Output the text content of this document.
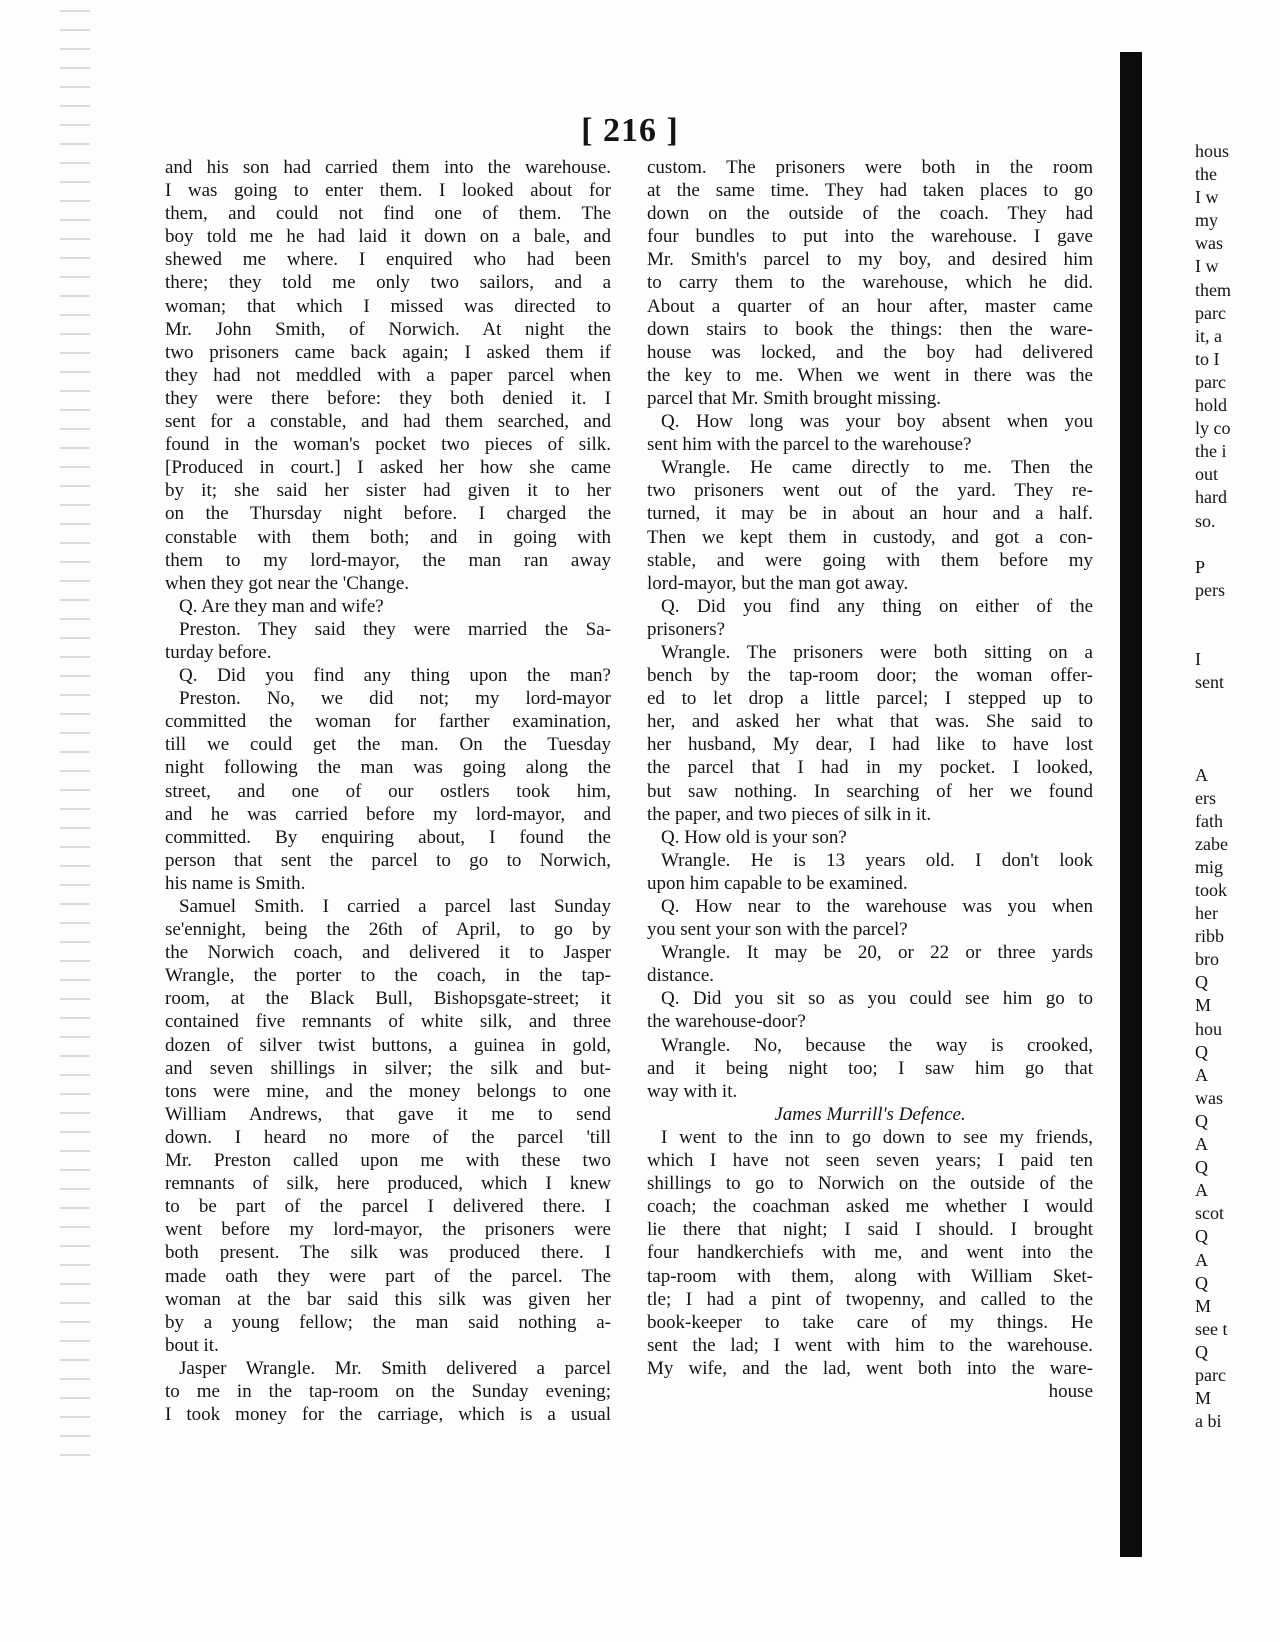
[ 216 ]
and his son had carried them into the warehouse.
I was going to enter them. I looked about for
them, and could not find one of them. The
boy told me he had laid it down on a bale, and
shewed me where. I enquired who had been
there; they told me only two sailors, and a
woman; that which I missed was directed to
Mr. John Smith, of Norwich. At night the
two prisoners came back again; I asked them if
they had not meddled with a paper parcel when
they were there before: they both denied it. I
sent for a constable, and had them searched, and
found in the woman's pocket two pieces of silk.
[Produced in court.] I asked her how she came
by it; she said her sister had given it to her
on the Thursday night before. I charged the
constable with them both; and in going with
them to my lord-mayor, the man ran away
when they got near the 'Change.
Q. Are they man and wife?
Preston. They said they were married the Sa-
turday before.
Q. Did you find any thing upon the man?
Preston. No, we did not; my lord-mayor
committed the woman for farther examination,
till we could get the man. On the Tuesday
night following the man was going along the
street, and one of our ostlers took him,
and he was carried before my lord-mayor, and
committed. By enquiring about, I found the
person that sent the parcel to go to Norwich,
his name is Smith.
Samuel Smith. I carried a parcel last Sunday
se'ennight, being the 26th of April, to go by
the Norwich coach, and delivered it to Jasper
Wrangle, the porter to the coach, in the tap-
room, at the Black Bull, Bishopsgate-street; it
contained five remnants of white silk, and three
dozen of silver twist buttons, a guinea in gold,
and seven shillings in silver; the silk and but-
tons were mine, and the money belongs to one
William Andrews, that gave it me to send
down. I heard no more of the parcel 'till
Mr. Preston called upon me with these two
remnants of silk, here produced, which I knew
to be part of the parcel I delivered there. I
went before my lord-mayor, the prisoners were
both present. The silk was produced there. I
made oath they were part of the parcel. The
woman at the bar said this silk was given her
by a young fellow; the man said nothing a-
bout it.
Jasper Wrangle. Mr. Smith delivered a parcel
to me in the tap-room on the Sunday evening;
I took money for the carriage, which is a usual
custom. The prisoners were both in the room
at the same time. They had taken places to go
down on the outside of the coach. They had
four bundles to put into the warehouse. I gave
Mr. Smith's parcel to my boy, and desired him
to carry them to the warehouse, which he did.
About a quarter of an hour after, master came
down stairs to book the things: then the ware-
house was locked, and the boy had delivered
the key to me. When we went in there was the
parcel that Mr. Smith brought missing.
Q. How long was your boy absent when you
sent him with the parcel to the warehouse?
Wrangle. He came directly to me. Then the
two prisoners went out of the yard. They re-
turned, it may be in about an hour and a half.
Then we kept them in custody, and got a con-
stable, and were going with them before my
lord-mayor, but the man got away.
Q. Did you find any thing on either of the
prisoners?
Wrangle. The prisoners were both sitting on a
bench by the tap-room door; the woman offer-
ed to let drop a little parcel; I stepped up to
her, and asked her what that was. She said to
her husband, My dear, I had like to have lost
the parcel that I had in my pocket. I looked,
but saw nothing. In searching of her we found
the paper, and two pieces of silk in it.
Q. How old is your son?
Wrangle. He is 13 years old. I don't look
upon him capable to be examined.
Q. How near to the warehouse was you when
you sent your son with the parcel?
Wrangle. It may be 20, or 22 or three yards
distance.
Q. Did you sit so as you could see him go to
the warehouse-door?
Wrangle. No, because the way is crooked,
and it being night too; I saw him go that
way with it.
James Murrill's Defence.
I went to the inn to go down to see my friends,
which I have not seen seven years; I paid ten
shillings to go to Norwich on the outside of the
coach; the coachman asked me whether I would
lie there that night; I said I should. I brought
four handkerchiefs with me, and went into the
tap-room with them, along with William Sket-
tle; I had a pint of twopenny, and called to the
book-keeper to take care of my things. He
sent the lad; I went with him to the warehouse.
My wife, and the lad, went both into the ware-
house
hous
the
I w
my
was
I w
them
parc
it, a
to I
parc
hold
ly co
the i
out
hard
so.
P
pers
I
sent
A
ers
fath
zabe
mig
took
her
ribb
bro
Q
M
hou
Q
A
was
Q
A
Q
A
scot
Q
A
Q
M
see t
Q
parc
M
a bi
